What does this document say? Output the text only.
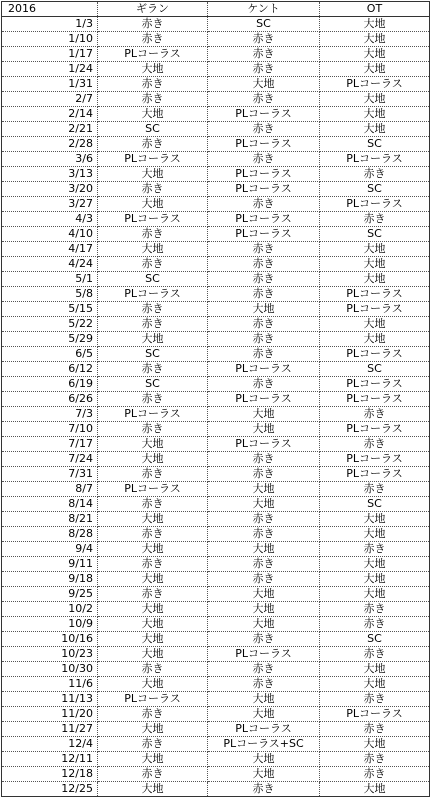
2016	ギラン	ケント	OT
1/3	赤き	SC	大地
1/10	赤き	赤き	大地
1/17	PLコーラス	赤き	大地
1/24	大地	赤き	大地
1/31	赤き	大地	PLコーラス
2/7	赤き	赤き	大地
2/14	大地	PLコーラス	大地
2/21	SC	赤き	大地
2/28	赤き	PLコーラス	SC
3/6	PLコーラス	赤き	PLコーラス
3/13	大地	PLコーラス	赤き
3/20	赤き	PLコーラス	SC
3/27	大地	赤き	PLコーラス
4/3	PLコーラス	PLコーラス	赤き
4/10	赤き	PLコーラス	SC
4/17	大地	赤き	大地
4/24	赤き	赤き	大地
5/1	SC	赤き	大地
5/8	PLコーラス	赤き	PLコーラス
5/15	赤き	大地	PLコーラス
5/22	赤き	赤き	大地
5/29	大地	赤き	大地
6/5	SC	赤き	PLコーラス
6/12	赤き	PLコーラス	SC
6/19	SC	赤き	PLコーラス
6/26	赤き	PLコーラス	PLコーラス
7/3	PLコーラス	大地	赤き
7/10	赤き	大地	PLコーラス
7/17	大地	PLコーラス	赤き
7/24	大地	赤き	PLコーラス
7/31	赤き	赤き	PLコーラス
8/7	PLコーラス	大地	赤き
8/14	赤き	大地	SC
8/21	大地	赤き	大地
8/28	赤き	赤き	大地
9/4	大地	大地	赤き
9/11	赤き	赤き	大地
9/18	大地	赤き	大地
9/25	赤き	大地	大地
10/2	大地	大地	赤き
10/9	大地	大地	赤き
10/16	大地	赤き	SC
10/23	大地	PLコーラス	赤き
10/30	赤き	赤き	大地
11/6	大地	赤き	大地
11/13	PLコーラス	大地	赤き
11/20	赤き	大地	PLコーラス
11/27	大地	PLコーラス	赤き
12/4	赤き	PLコーラス+SC	大地
12/11	大地	大地	赤き
12/18	赤き	大地	赤き
12/25	大地	赤き	大地
